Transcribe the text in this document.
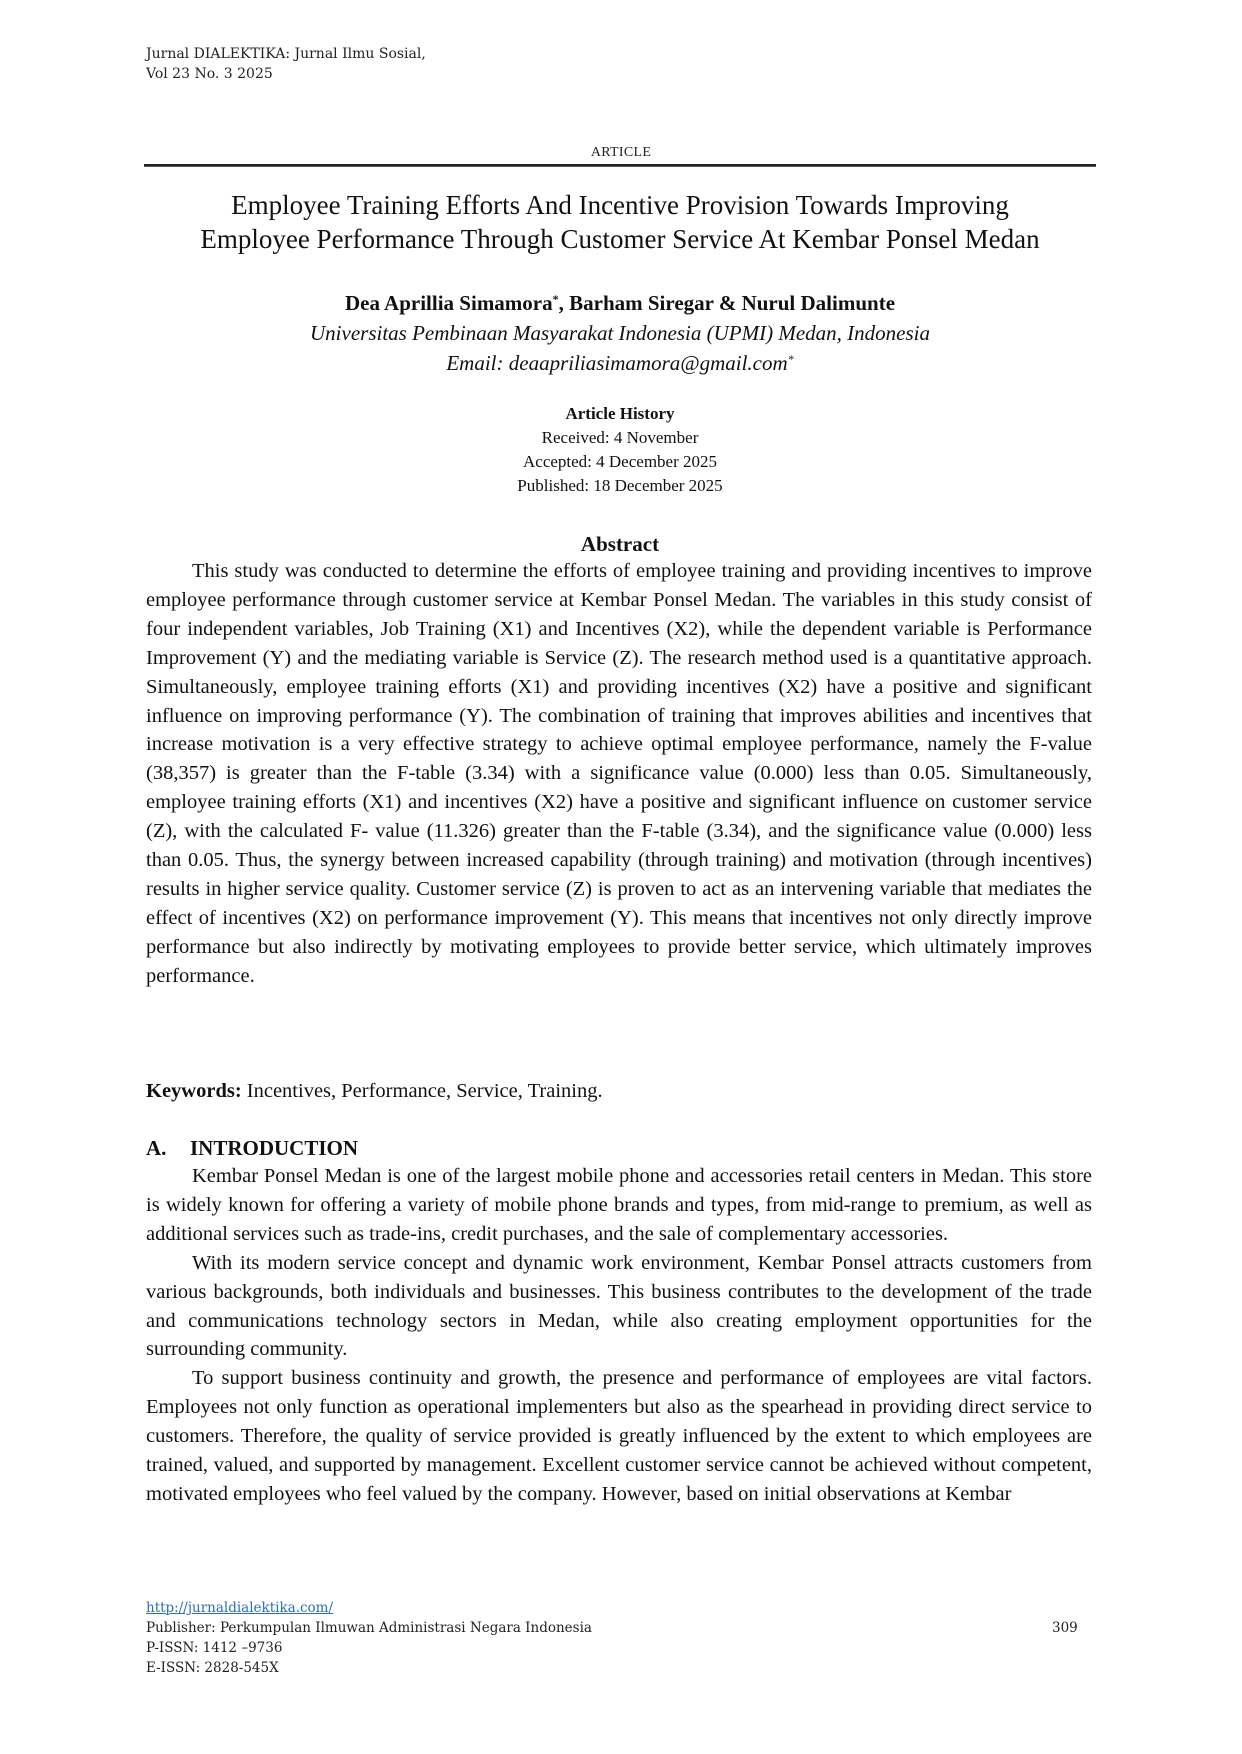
Jurnal DIALEKTIKA: Jurnal Ilmu Sosial,
Vol 23 No. 3 2025
ARTICLE
Employee Training Efforts And Incentive Provision Towards Improving
Employee Performance Through Customer Service At Kembar Ponsel Medan
Dea Aprillia Simamora*, Barham Siregar & Nurul Dalimunte
Universitas Pembinaan Masyarakat Indonesia (UPMI) Medan, Indonesia
Email: deaapriliasimamora@gmail.com*
Article History
Received: 4 November
Accepted: 4 December 2025
Published: 18 December 2025
Abstract

This study was conducted to determine the efforts of employee training and providing incentives to improve employee performance through customer service at Kembar Ponsel Medan. The variables in this study consist of four independent variables, Job Training (X1) and Incentives (X2), while the dependent variable is Performance Improvement (Y) and the mediating variable is Service (Z). The research method used is a quantitative approach. Simultaneously, employee training efforts (X1) and providing incentives (X2) have a positive and significant influence on improving performance (Y). The combination of training that improves abilities and incentives that increase motivation is a very effective strategy to achieve optimal employee performance, namely the F-value (38,357) is greater than the F-table (3.34) with a significance value (0.000) less than 0.05. Simultaneously, employee training efforts (X1) and incentives (X2) have a positive and significant influence on customer service (Z), with the calculated F- value (11.326) greater than the F-table (3.34), and the significance value (0.000) less than 0.05. Thus, the synergy between increased capability (through training) and motivation (through incentives) results in higher service quality. Customer service (Z) is proven to act as an intervening variable that mediates the effect of incentives (X2) on performance improvement (Y). This means that incentives not only directly improve performance but also indirectly by motivating employees to provide better service, which ultimately improves performance.

Keywords: Incentives, Performance, Service, Training.
A. INTRODUCTION

Kembar Ponsel Medan is one of the largest mobile phone and accessories retail centers in Medan. This store is widely known for offering a variety of mobile phone brands and types, from mid-range to premium, as well as additional services such as trade-ins, credit purchases, and the sale of complementary accessories.

With its modern service concept and dynamic work environment, Kembar Ponsel attracts customers from various backgrounds, both individuals and businesses. This business contributes to the development of the trade and communications technology sectors in Medan, while also creating employment opportunities for the surrounding community.

To support business continuity and growth, the presence and performance of employees are vital factors. Employees not only function as operational implementers but also as the spearhead in providing direct service to customers. Therefore, the quality of service provided is greatly influenced by the extent to which employees are trained, valued, and supported by management. Excellent customer service cannot be achieved without competent, motivated employees who feel valued by the company. However, based on initial observations at Kembar

http://jurnaldialektika.com/
Publisher: Perkumpulan Ilmuwan Administrasi Negara Indonesia
P-ISSN: 1412 –9736
E-ISSN: 2828-545X
309
